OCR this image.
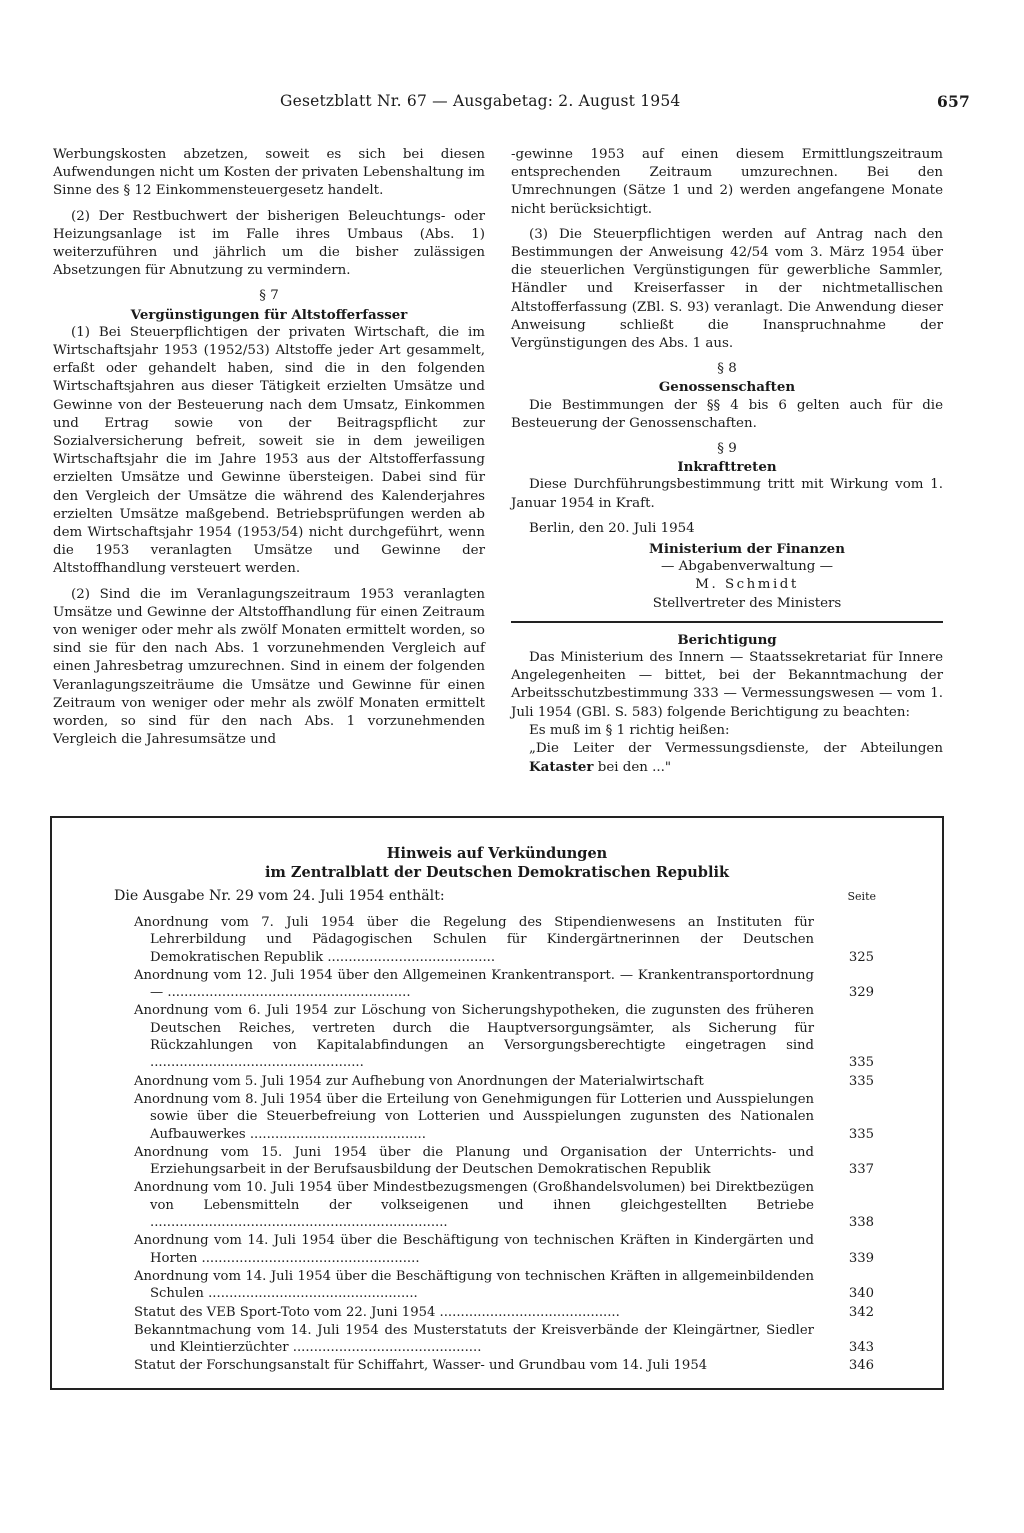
Gesetzblatt Nr. 67 — Ausgabetag: 2. August 1954	657

Werbungskosten abzetzen, soweit es sich bei diesen Aufwendungen nicht um Kosten der privaten Lebenshaltung im Sinne des § 12 Einkommensteuergesetz handelt.

(2) Der Restbuchwert der bisherigen Beleuchtungs- oder Heizungsanlage ist im Falle ihres Umbaus (Abs. 1) weiterzuführen und jährlich um die bisher zulässigen Absetzungen für Abnutzung zu vermindern.

§ 7
Vergünstigungen für Altstofferfasser

(1) Bei Steuerpflichtigen der privaten Wirtschaft, die im Wirtschaftsjahr 1953 (1952/53) Altstoffe jeder Art gesammelt, erfaßt oder gehandelt haben, sind die in den folgenden Wirtschaftsjahren aus dieser Tätigkeit erzielten Umsätze und Gewinne von der Besteuerung nach dem Umsatz, Einkommen und Ertrag sowie von der Beitragspflicht zur Sozialversicherung befreit, soweit sie in dem jeweiligen Wirtschaftsjahr die im Jahre 1953 aus der Altstofferfassung erzielten Umsätze und Gewinne übersteigen. Dabei sind für den Vergleich der Umsätze die während des Kalenderjahres erzielten Umsätze maßgebend. Betriebsprüfungen werden ab dem Wirtschaftsjahr 1954 (1953/54) nicht durchgeführt, wenn die 1953 veranlagten Umsätze und Gewinne der Altstoffhandlung versteuert werden.

(2) Sind die im Veranlagungszeitraum 1953 veranlagten Umsätze und Gewinne der Altstoffhandlung für einen Zeitraum von weniger oder mehr als zwölf Monaten ermittelt worden, so sind sie für den nach Abs. 1 vorzunehmenden Vergleich auf einen Jahresbetrag umzurechnen. Sind in einem der folgenden Veranlagungszeiträume die Umsätze und Gewinne für einen Zeitraum von weniger oder mehr als zwölf Monaten ermittelt worden, so sind für den nach Abs. 1 vorzunehmenden Vergleich die Jahresumsätze und

-gewinne 1953 auf einen diesem Ermittlungszeitraum entsprechenden Zeitraum umzurechnen. Bei den Umrechnungen (Sätze 1 und 2) werden angefangene Monate nicht berücksichtigt.

(3) Die Steuerpflichtigen werden auf Antrag nach den Bestimmungen der Anweisung 42/54 vom 3. März 1954 über die steuerlichen Vergünstigungen für gewerbliche Sammler, Händler und Kreiserfasser in der nichtmetallischen Altstofferfassung (ZBl. S. 93) veranlagt. Die Anwendung dieser Anweisung schließt die Inanspruchnahme der Vergünstigungen des Abs. 1 aus.

§ 8
Genossenschaften

Die Bestimmungen der §§ 4 bis 6 gelten auch für die Besteuerung der Genossenschaften.

§ 9
Inkrafttreten

Diese Durchführungsbestimmung tritt mit Wirkung vom 1. Januar 1954 in Kraft.

Berlin, den 20. Juli 1954

Ministerium der Finanzen
— Abgabenverwaltung —
M. Schmidt
Stellvertreter des Ministers
Berichtigung

Das Ministerium des Innern — Staatssekretariat für Innere Angelegenheiten — bittet, bei der Bekanntmachung der Arbeitsschutzbestimmung 333 — Vermessungswesen — vom 1. Juli 1954 (GBl. S. 583) folgende Berichtigung zu beachten:

Es muß im § 1 richtig heißen:
„Die Leiter der Vermessungsdienste, der Abteilungen Kataster bei den ..."
Hinweis auf Verkündungen
im Zentralblatt der Deutschen Demokratischen Republik
Die Ausgabe Nr. 29 vom 24. Juli 1954 enthält:	Seite
Anordnung vom 7. Juli 1954 über die Regelung des Stipendienwesens an Instituten für Lehrerbildung und Pädagogischen Schulen für Kindergärtnerinnen der Deutschen Demokratischen Republik ........................................	325
Anordnung vom 12. Juli 1954 über den Allgemeinen Krankentransport. — Krankentransportordnung — ..........................................................	329
Anordnung vom 6. Juli 1954 zur Löschung von Sicherungshypotheken, die zugunsten des früheren Deutschen Reiches, vertreten durch die Hauptversorgungsämter, als Sicherung für Rückzahlungen von Kapitalabfindungen an Versorgungsberechtigte eingetragen sind ...................................................	335
Anordnung vom 5. Juli 1954 zur Aufhebung von Anordnungen der Materialwirtschaft	335
Anordnung vom 8. Juli 1954 über die Erteilung von Genehmigungen für Lotterien und Ausspielungen sowie über die Steuerbefreiung von Lotterien und Ausspielungen zugunsten des Nationalen Aufbauwerkes ..........................................	335
Anordnung vom 15. Juni 1954 über die Planung und Organisation der Unterrichts- und Erziehungsarbeit in der Berufsausbildung der Deutschen Demokratischen Republik	337
Anordnung vom 10. Juli 1954 über Mindestbezugsmengen (Großhandelsvolumen) bei Direktbezügen von Lebensmitteln der volkseigenen und ihnen gleichgestellten Betriebe .......................................................................	338
Anordnung vom 14. Juli 1954 über die Beschäftigung von technischen Kräften in Kindergärten und Horten ....................................................	339
Anordnung vom 14. Juli 1954 über die Beschäftigung von technischen Kräften in allgemeinbildenden Schulen ..................................................	340
Statut des VEB Sport-Toto vom 22. Juni 1954 ...........................................	342
Bekanntmachung vom 14. Juli 1954 des Musterstatuts der Kreisverbände der Kleingärtner, Siedler und Kleintierzüchter .............................................	343
Statut der Forschungsanstalt für Schiffahrt, Wasser- und Grundbau vom 14. Juli 1954	346
